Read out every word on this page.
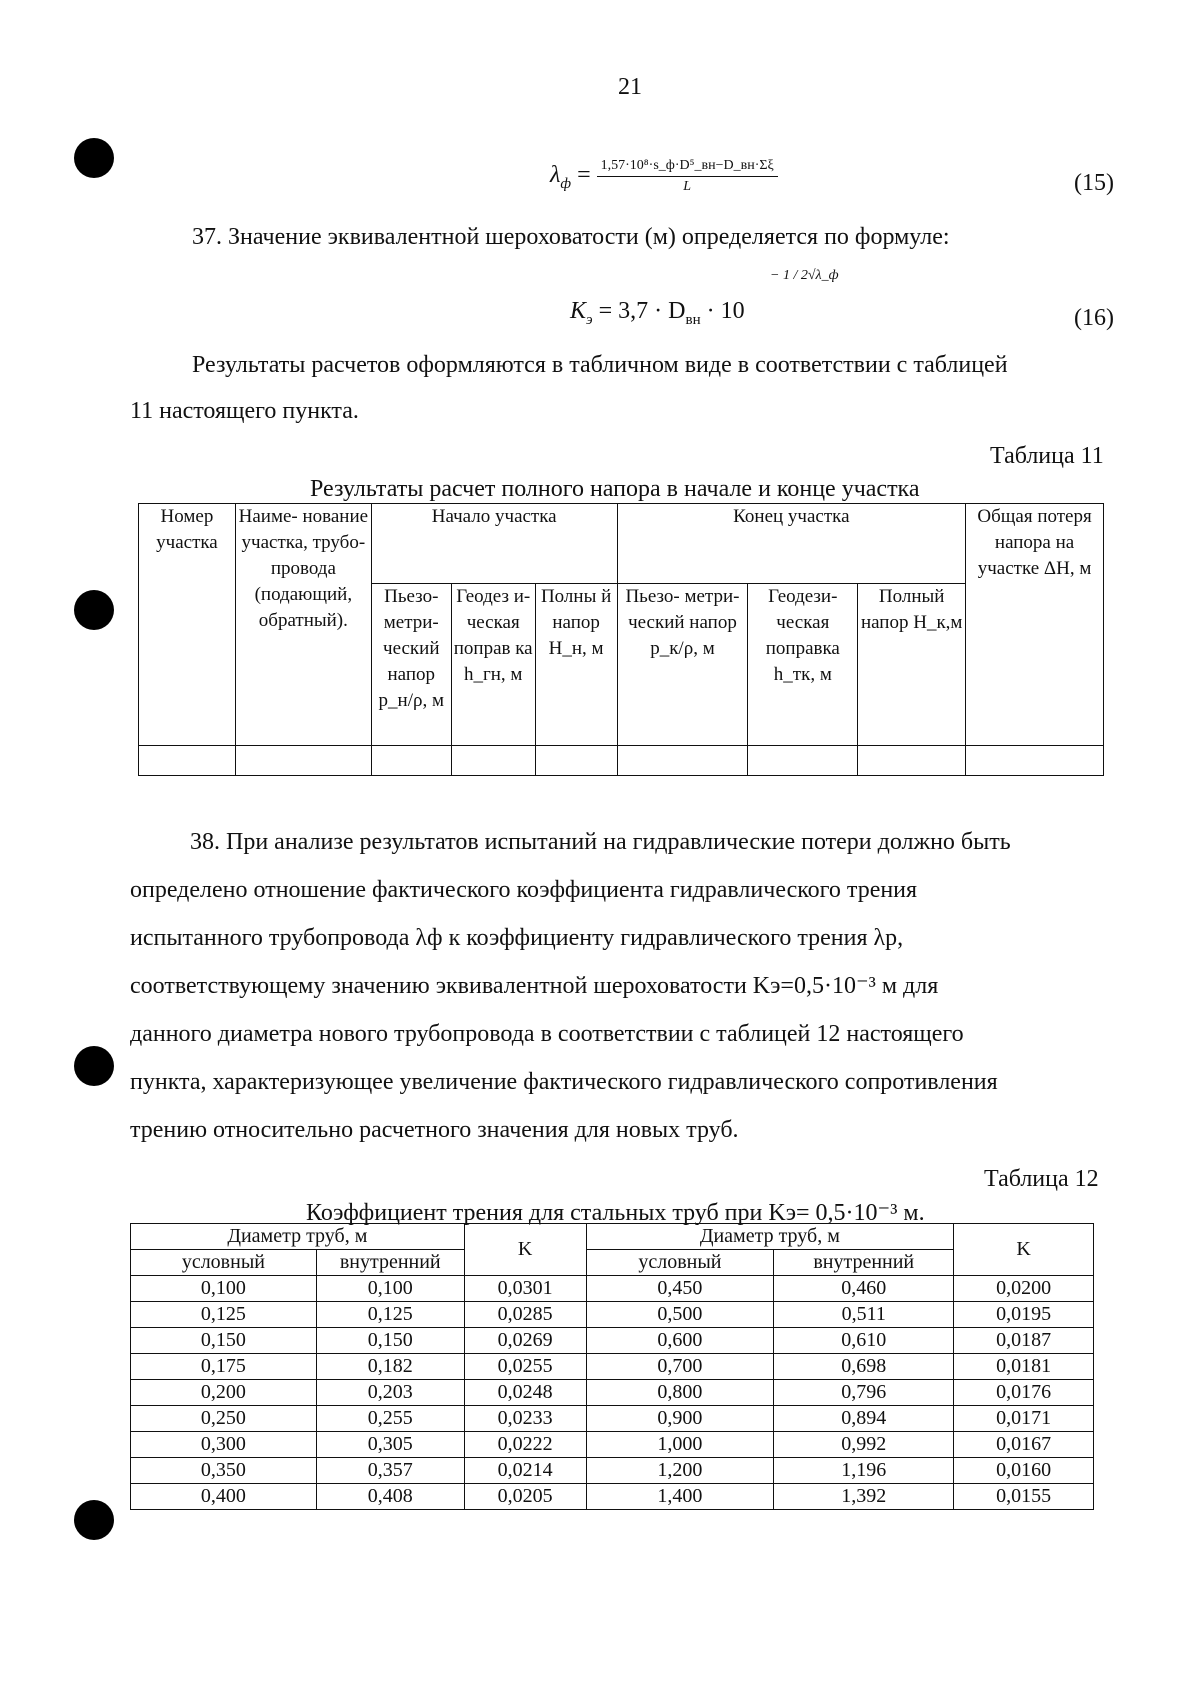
21
$\lambda_ф = \frac{\text{1,57·10⁸·s\_ф·D⁵\_вн−D\_вн·Σξ}}{L}$	(15)
37. Значение эквивалентной шероховатости (м) определяется по формуле:
$K_э = 3,7 \cdot D_{вн} \cdot 10$
− 1 / 2√λ_ф
(16)
Результаты расчетов оформляются в табличном виде в соответствии с таблицей
11 настоящего пункта.
Таблица 11
Результаты расчет полного напора в начале и конце участка
Номер участка	Наиме- нование участка, трубо- провода (подающий, обратный).	Начало участка			Конец участка			Общая потеря напора на участке ΔH, м
		Пьезо- метри- ческий напор p_н/ρ, м	Геодез и- ческая поправ ка h_гн, м	Полны й напор H_н, м	Пьезо- метри- ческий напор p_к/ρ, м	Геодези- ческая поправка h_тк, м	Полный напор H_к,м	

38. При анализе результатов испытаний на гидравлические потери должно быть
определено отношение фактического коэффициента гидравлического трения
испытанного трубопровода λф к коэффициенту гидравлического трения λр,
соответствующему значению эквивалентной шероховатости Kэ=0,5·10⁻³ м для
данного диаметра нового трубопровода в соответствии с таблицей 12 настоящего
пункта, характеризующее увеличение фактического гидравлического сопротивления
трению относительно расчетного значения для новых труб.
Таблица 12
Коэффициент трения для стальных труб при Kэ= 0,5·10⁻³ м.
Диаметр труб, м		K	Диаметр труб, м		K
условный	внутренний		условный	внутренний	
0,100	0,100	0,0301	0,450	0,460	0,0200
0,125	0,125	0,0285	0,500	0,511	0,0195
0,150	0,150	0,0269	0,600	0,610	0,0187
0,175	0,182	0,0255	0,700	0,698	0,0181
0,200	0,203	0,0248	0,800	0,796	0,0176
0,250	0,255	0,0233	0,900	0,894	0,0171
0,300	0,305	0,0222	1,000	0,992	0,0167
0,350	0,357	0,0214	1,200	1,196	0,0160
0,400	0,408	0,0205	1,400	1,392	0,0155
